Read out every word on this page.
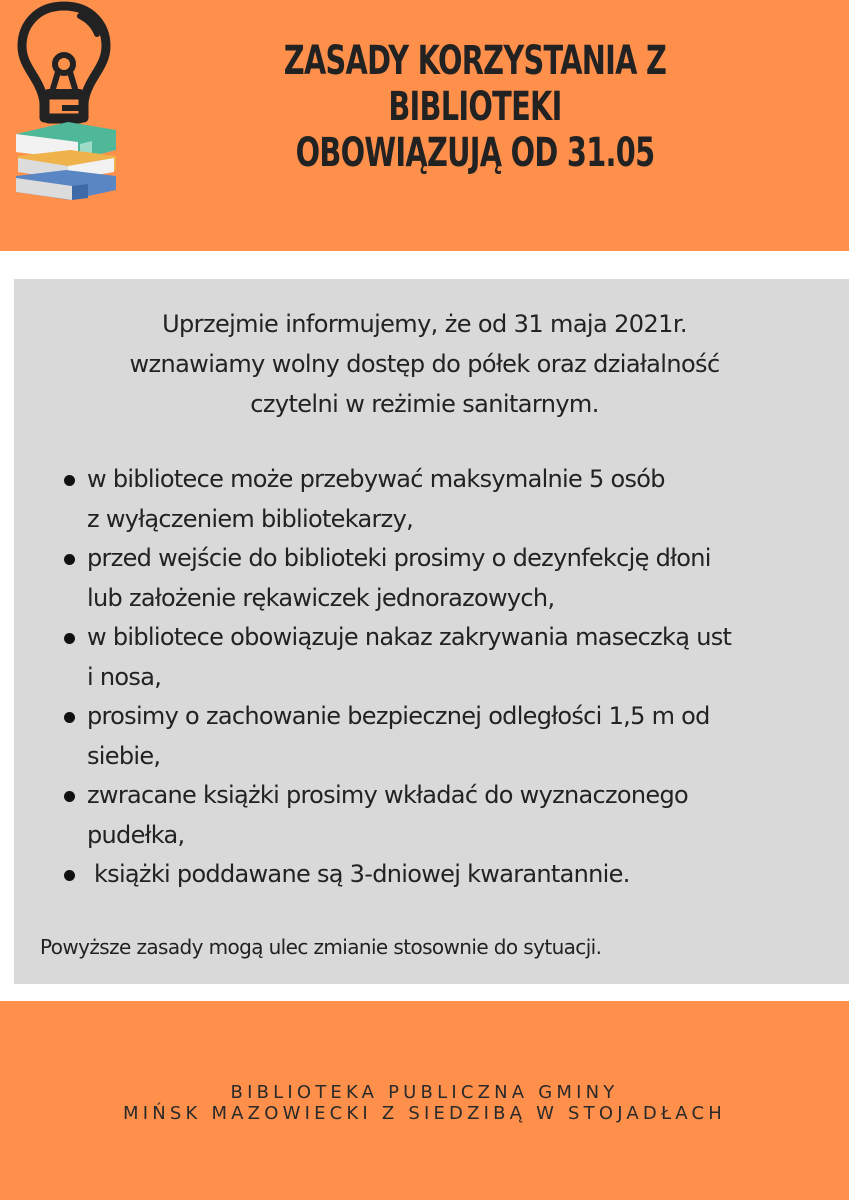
ZASADY KORZYSTANIA Z BIBLIOTEKI
OBOWIĄZUJĄ OD 31.05
Uprzejmie informujemy, że od 31 maja 2021r.
wznawiamy wolny dostęp do półek oraz działalność
czytelni w reżimie sanitarnym.
w bibliotece może przebywać maksymalnie 5 osób
z wyłączeniem bibliotekarzy,
przed wejście do biblioteki prosimy o dezynfekcję dłoni
lub założenie rękawiczek jednorazowych,
w bibliotece obowiązuje nakaz zakrywania maseczką ust
i nosa,
prosimy o zachowanie bezpiecznej odległości 1,5 m od
siebie,
zwracane książki prosimy wkładać do wyznaczonego
pudełka,
książki poddawane są 3-dniowej kwarantannie.
Powyższe zasady mogą ulec zmianie stosownie do sytuacji.
BIBLIOTEKA PUBLICZNA GMINY
MIŃSK MAZOWIECKI Z SIEDZIBĄ W STOJADŁACH
